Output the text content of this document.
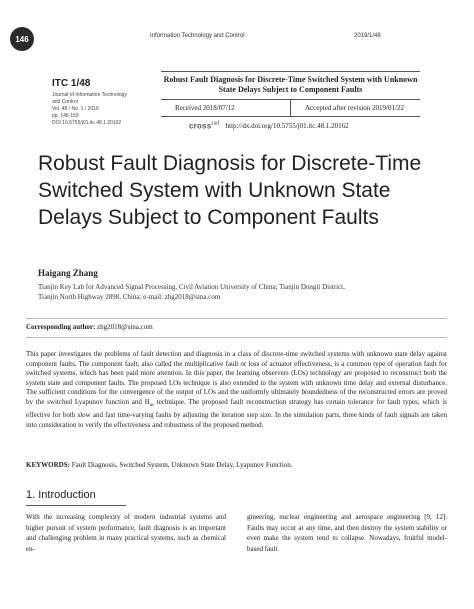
146	Information Technology and Control	2019/1/48
ITC 1/48
Journal of Information Technology
and Control
Vol. 48 / No. 1 / 2019
pp. 146-159
DOI 10.5755/j01.itc.48.1.20162
Robust Fault Diagnosis for Discrete-Time Switched System with Unknown State Delays Subject to Component Faults
Received 2018/07/12	Accepted after revision 2019/01/22
cross$^{ref}$ http://dx.doi.org/10.5755/j01.itc.48.1.20162
Robust Fault Diagnosis for Discrete-Time Switched System with Unknown State Delays Subject to Component Faults
Haigang Zhang
Tianjin Key Lab for Advanced Signal Processing, Civil Aviation University of China; Tianjin Dongli District,
Tianjin North Highway 2898, China; e-mail: zhg2018@sina.com
Corresponding author: zhg2018@sina.com
This paper investigates the problems of fault detection and diagnosis in a class of discrete-time switched systems with unknown state delay against component faults. The component fault, also called the multiplicative fault or loss of actuator effectiveness, is a common type of operation fault for switched systems, which has been paid more attention. In this paper, the learning observers (LOs) technology are proposed to reconstruct both the system state and component faults. The proposed LOs technique is also extended to the system with unknown time delay and external disturbance. The sufficient conditions for the convergence of the output of LOs and the uniformly ultimately boundedness of the reconstructed errors are proved by the switched Lyapunov function and $H_\infty$ technique. The proposed fault reconstruction strategy has certain tolerance for fault types, which is effective for both slow and fast time-varying faults by adjusting the iteration step size. In the simulation parts, three kinds of fault signals are taken into consideration to verify the effectiveness and robustness of the proposed method.
KEYWORDS: Fault Diagnosis, Switched System, Unknown State Delay, Lyapunov Function.
1. Introduction
With the increasing complexity of modern industrial systems and higher pursuit of system performance, fault diagnosis is an important and challenging problem in many practical systems, such as chemical en-
gineering, nuclear engineering and aerospace engineering [9, 12]. Faults may occur at any time, and then destroy the system stability or even make the system tend to collapse. Nowadays, fruitful model-based fault
